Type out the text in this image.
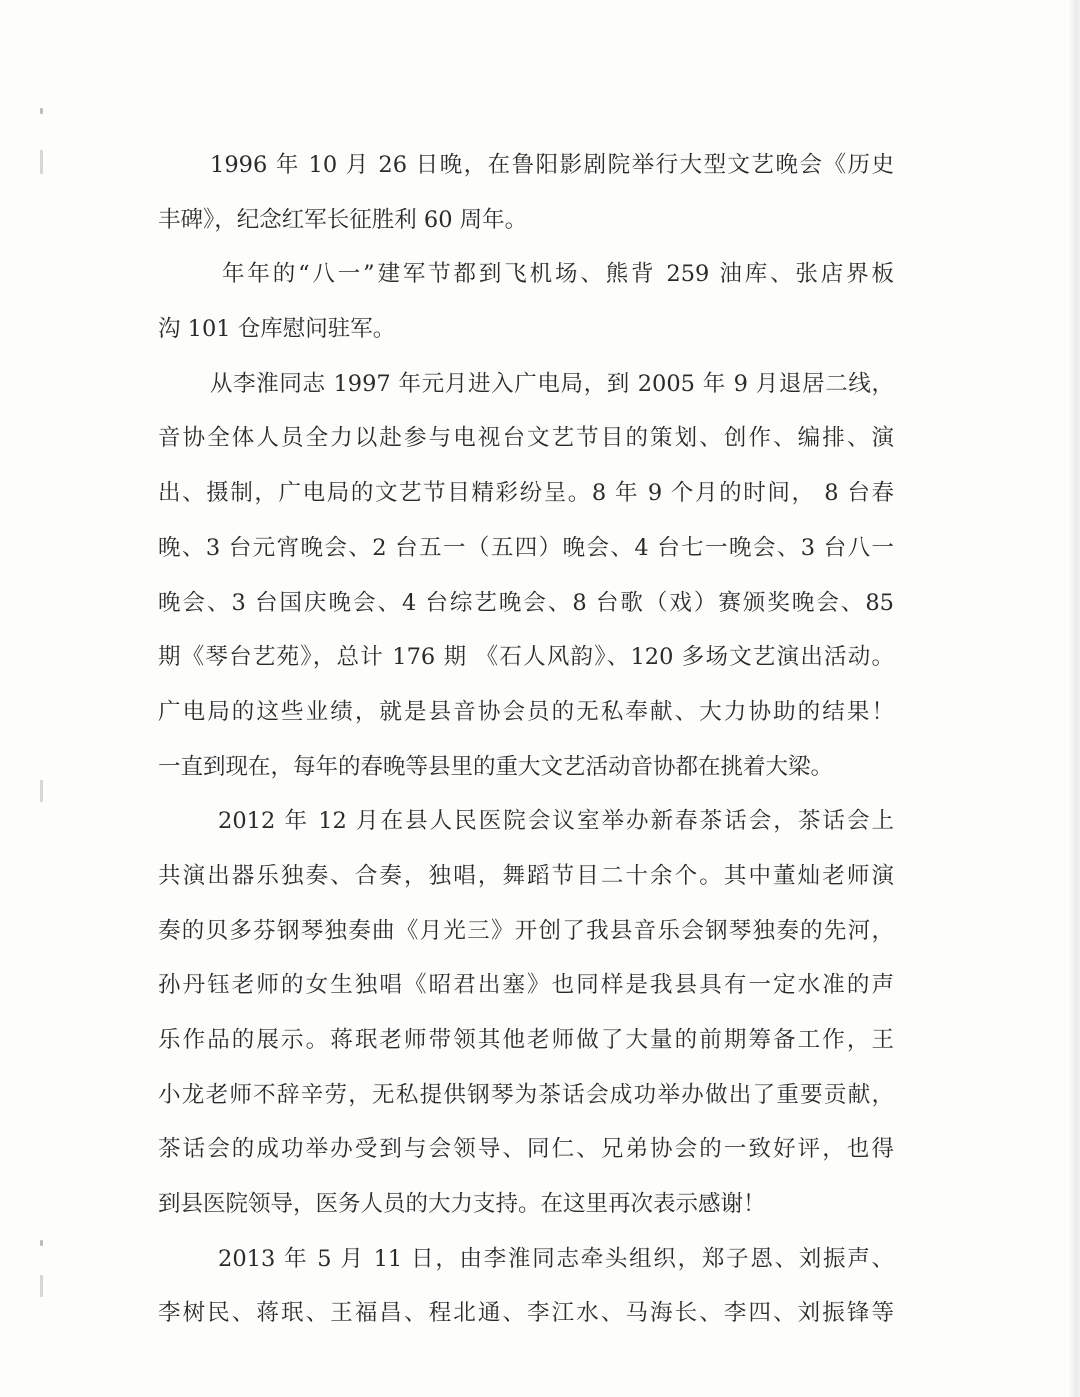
1996 年 10 月 26 日晚，在鲁阳影剧院举行大型文艺晚会《历史
丰碑》，纪念红军长征胜利 60 周年。
年年的“八一”建军节都到飞机场、熊背 259 油库、张店界板
沟 101 仓库慰问驻军。
从李淮同志 1997 年元月进入广电局，到 2005 年 9 月退居二线，
音协全体人员全力以赴参与电视台文艺节目的策划、创作、编排、演
出、摄制，广电局的文艺节目精彩纷呈。8 年 9 个月的时间， 8 台春
晚、3 台元宵晚会、2 台五一（五四）晚会、4 台七一晚会、3 台八一
晚会、3 台国庆晚会、4 台综艺晚会、8 台歌（戏）赛颁奖晚会、85
期《琴台艺苑》，总计 176 期 《石人风韵》、120 多场文艺演出活动。
广电局的这些业绩，就是县音协会员的无私奉献、大力协助的结果！
一直到现在，每年的春晚等县里的重大文艺活动音协都在挑着大梁。
2012 年 12 月在县人民医院会议室举办新春茶话会，茶话会上
共演出器乐独奏、合奏，独唱，舞蹈节目二十余个。其中董灿老师演
奏的贝多芬钢琴独奏曲《月光三》开创了我县音乐会钢琴独奏的先河，
孙丹钰老师的女生独唱《昭君出塞》也同样是我县具有一定水准的声
乐作品的展示。蒋珉老师带领其他老师做了大量的前期筹备工作，王
小龙老师不辞辛劳，无私提供钢琴为茶话会成功举办做出了重要贡献，
茶话会的成功举办受到与会领导、同仁、兄弟协会的一致好评，也得
到县医院领导，医务人员的大力支持。在这里再次表示感谢！
2013 年 5 月 11 日，由李淮同志牵头组织，郑子恩、刘振声、
李树民、蒋珉、王福昌、程北通、李江水、马海长、李四、刘振锋等
